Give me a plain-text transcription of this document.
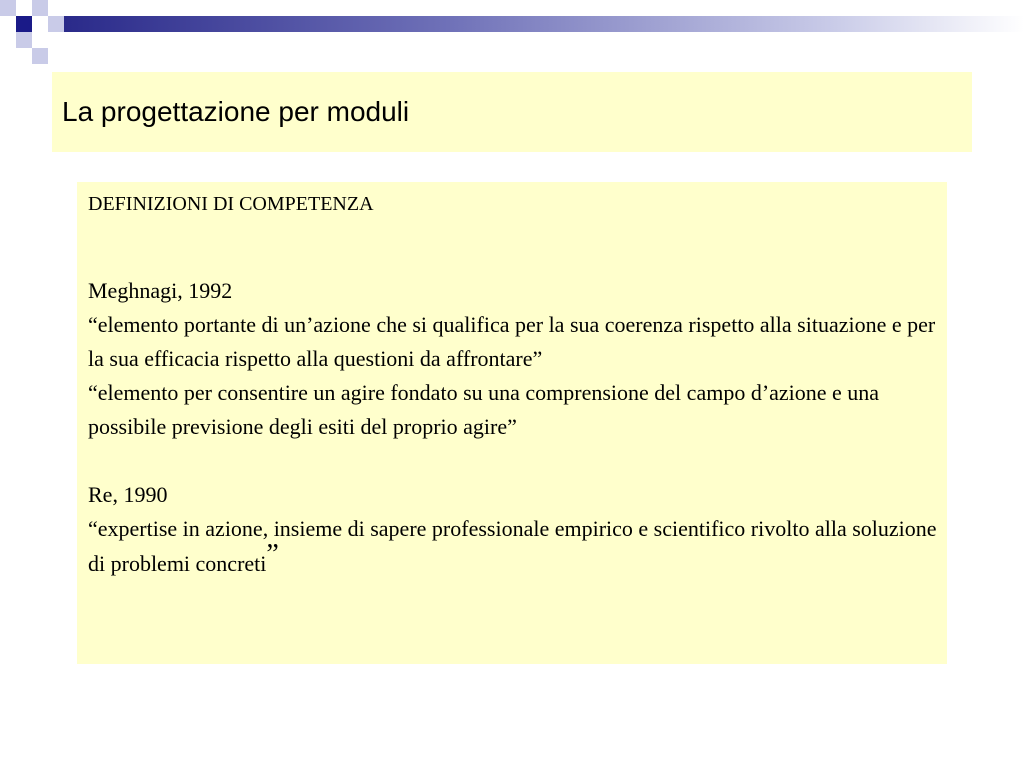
La progettazione per moduli

DEFINIZIONI DI COMPETENZA

Meghnagi, 1992

“elemento portante di un’azione che si qualifica per la sua coerenza rispetto alla situazione e per la sua efficacia rispetto alla questioni da affrontare”

“elemento per consentire un agire fondato su una comprensione del campo d’azione e una possibile previsione degli esiti del proprio agire”

Re, 1990

“expertise in azione, insieme di sapere professionale empirico e scientifico rivolto alla soluzione di problemi concreti”
